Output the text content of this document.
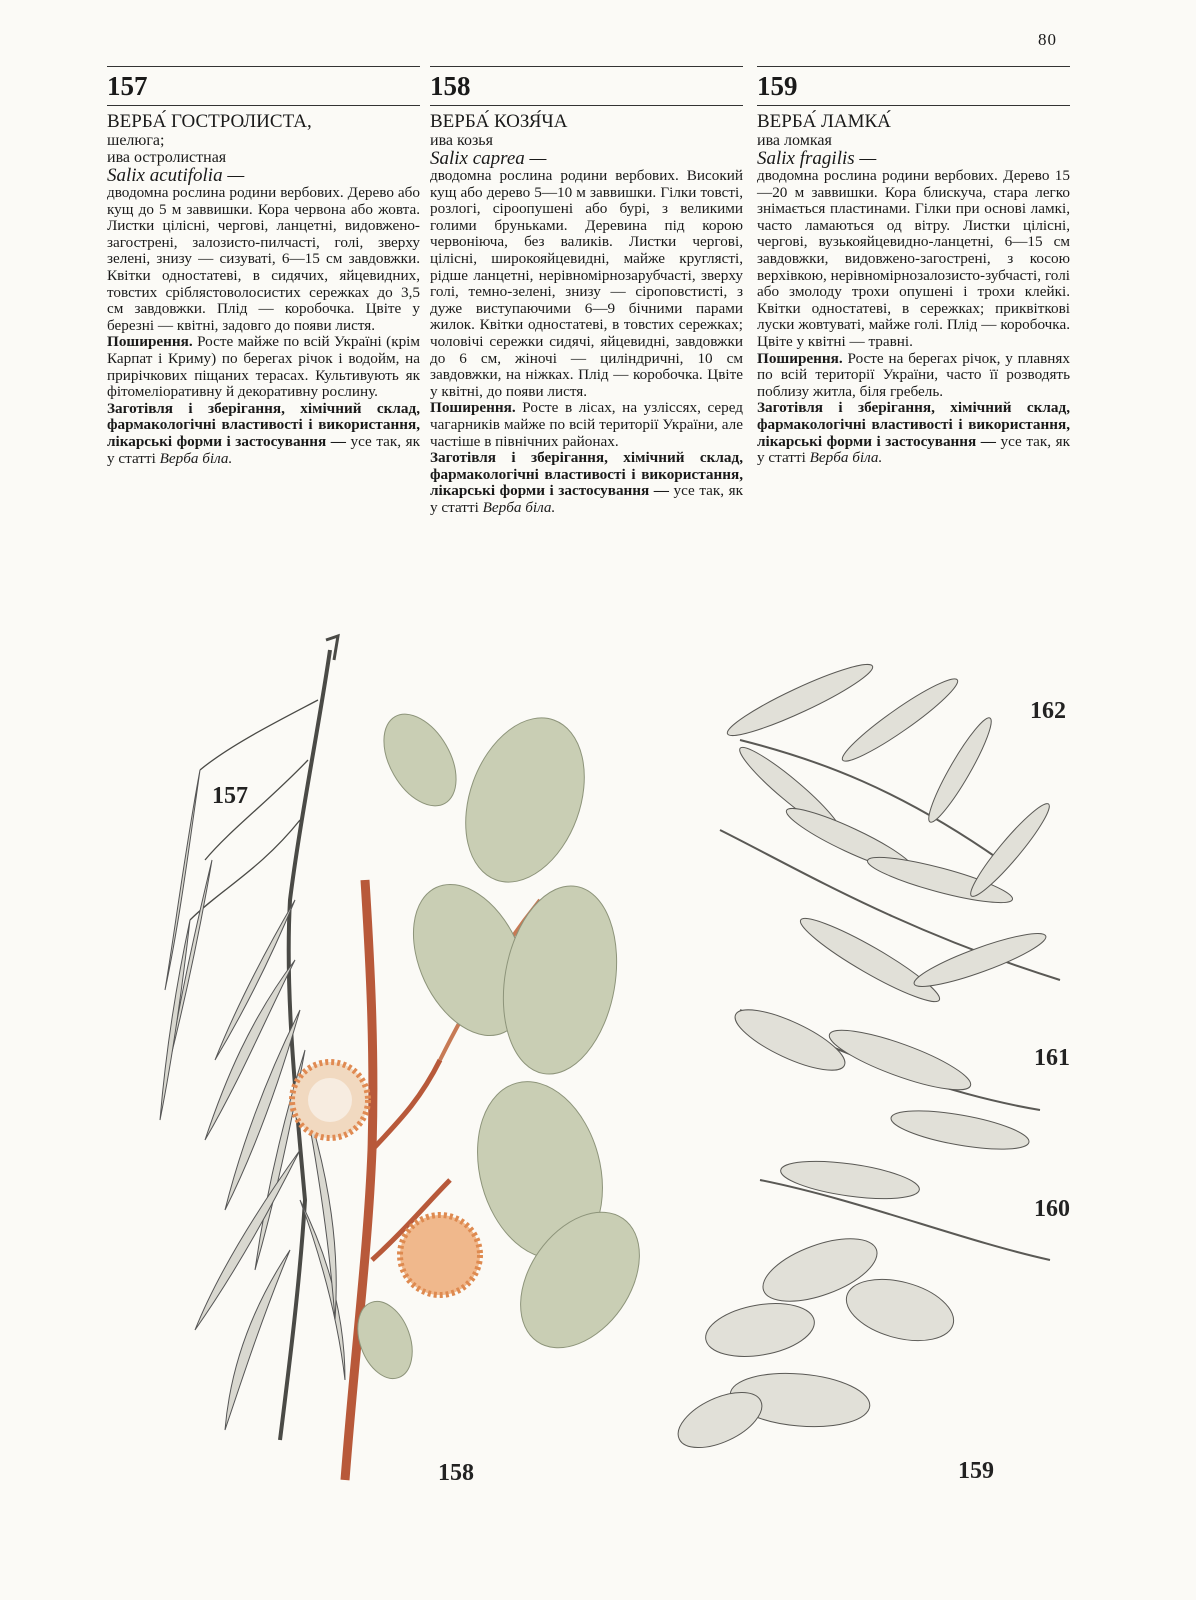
80
157
ВЕРБА́ ГОСТРОЛИСТА,
шелюга;
ива остролистная
Salix acutifolia —

дводомна рослина родини вербових. Дерево або кущ до 5 м заввишки. Кора червона або жовта. Листки цілісні, чергові, ланцетні, видовжено-загострені, залозисто-пилчасті, голі, зверху зелені, знизу — сизуваті, 6—15 см завдовжки. Квітки одностатеві, в сидячих, яйцевидних, товстих сріблястоволосистих сережках до 3,5 см завдовжки. Плід — коробочка. Цвіте у березні — квітні, задовго до появи листя.

Поширення. Росте майже по всій Україні (крім Карпат і Криму) по берегах річок і водойм, на прирічкових піщаних терасах. Культивують як фітомеліоративну й декоративну рослину.

Заготівля і зберігання, хімічний склад, фармакологічні властивості і використання, лікарські форми і застосування — усе так, як у статті Верба біла.

158
ВЕРБА́ КОЗЯ́ЧА
ива козья
Salix caprea —

дводомна рослина родини вербових. Високий кущ або дерево 5—10 м заввишки. Гілки товсті, розлогі, сіроопушені або бурі, з великими голими бруньками. Деревина під корою червоніюча, без валиків. Листки чергові, цілісні, широкояйцевидні, майже круглясті, рідше ланцетні, нерівномірнозарубчасті, зверху голі, темно-зелені, знизу — сіроповстисті, з дуже виступаючими 6—9 бічними парами жилок. Квітки одностатеві, в товстих сережках; чоловічі сережки сидячі, яйцевидні, завдовжки до 6 см, жіночі — циліндричні, 10 см завдовжки, на ніжках. Плід — коробочка. Цвіте у квітні, до появи листя.

Поширення. Росте в лісах, на узліссях, серед чагарників майже по всій території України, але частіше в північних районах.

Заготівля і зберігання, хімічний склад, фармакологічні властивості і використання, лікарські форми і застосування — усе так, як у статті Верба біла.

159
ВЕРБА́ ЛАМКА́
ива ломкая
Salix fragilis —

дводомна рослина родини вербових. Дерево 15—20 м заввишки. Кора блискуча, стара легко знімається пластинами. Гілки при основі ламкі, часто ламаються од вітру. Листки цілісні, чергові, вузькояйцевидно-ланцетні, 6—15 см завдовжки, видовжено-загострені, з косою верхівкою, нерівномірнозалозисто-зубчасті, голі або змолоду трохи опушені і трохи клейкі. Квітки одностатеві, в сережках; приквіткові луски жовтуваті, майже голі. Плід — коробочка. Цвіте у квітні — травні.

Поширення. Росте на берегах річок, у плавнях по всій території України, часто її розводять поблизу житла, біля гребель.

Заготівля і зберігання, хімічний склад, фармакологічні властивості і використання, лікарські форми і застосування — усе так, як у статті Верба біла.

157
158
162
161
160
159
